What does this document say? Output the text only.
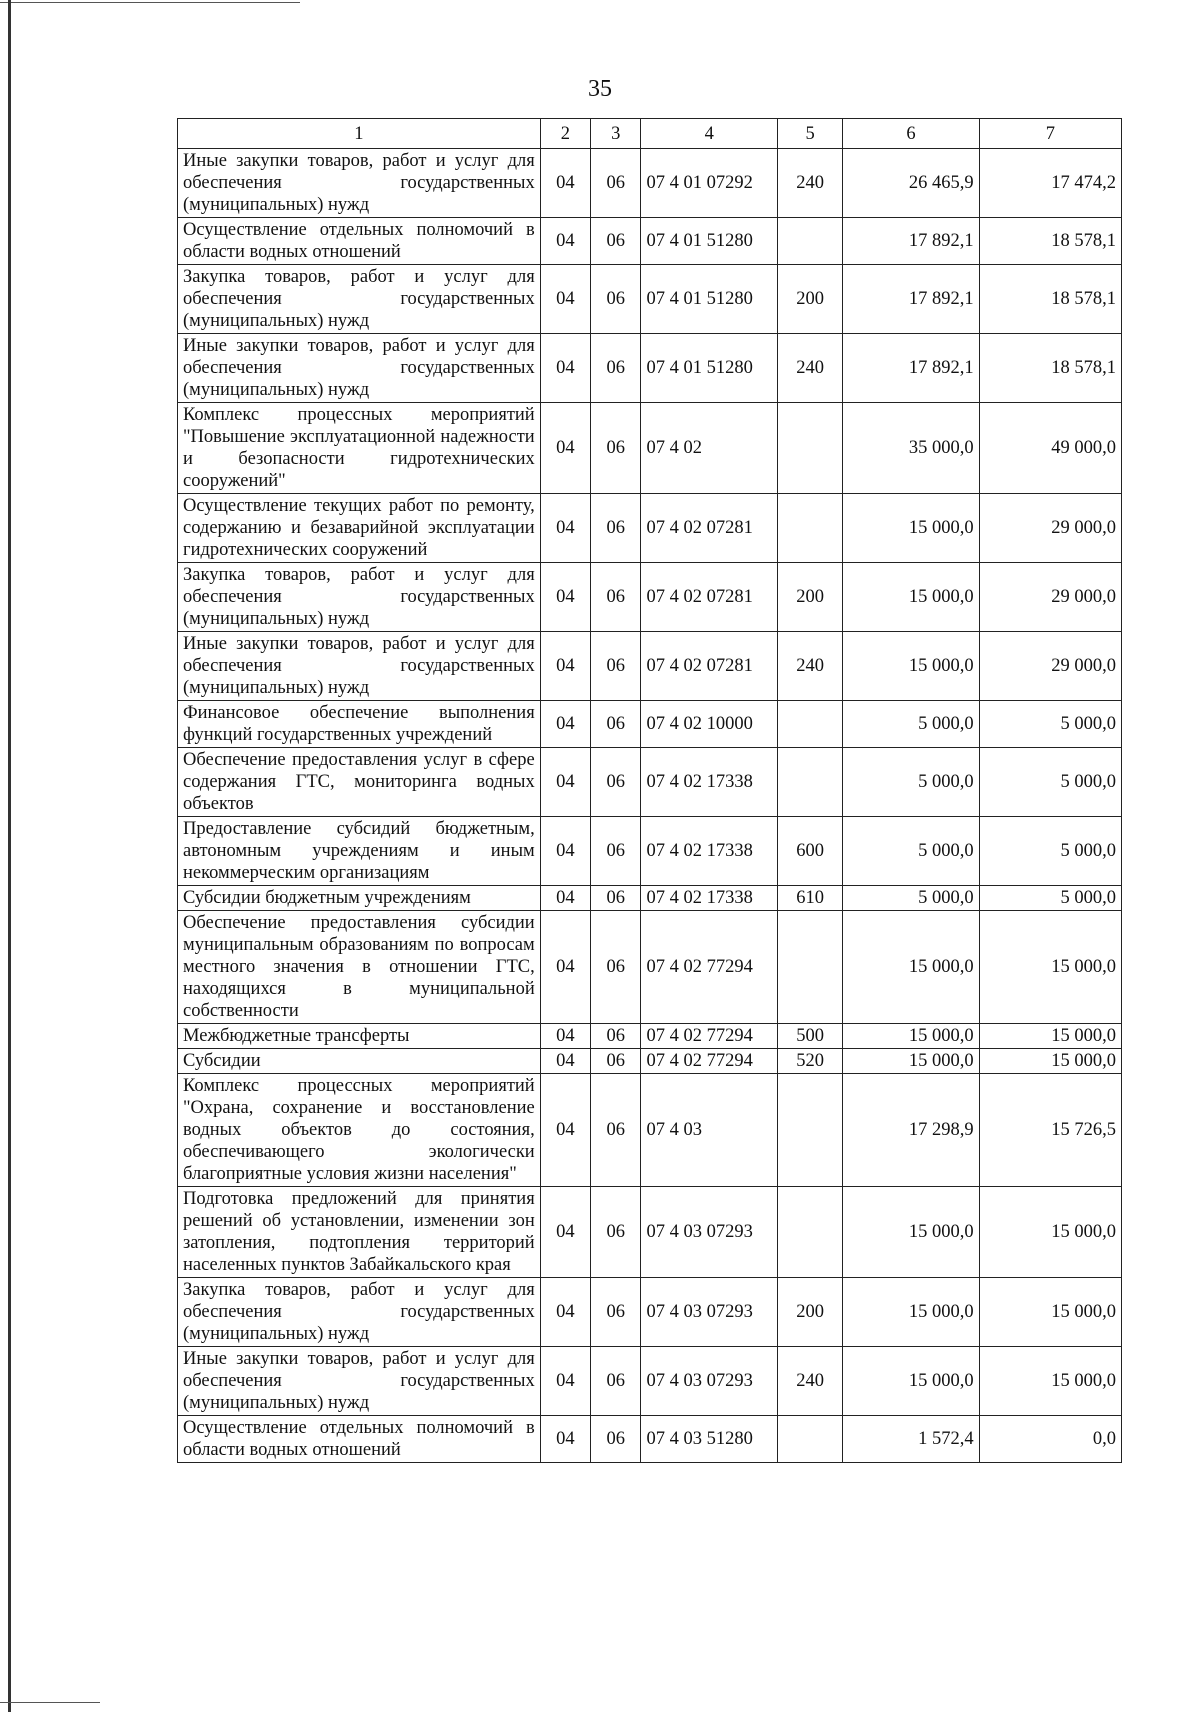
35
1	2	3	4	5	6	7
Иные закупки товаров, работ и услуг для обеспечения государственных (муниципальных) нужд	04	06	07 4 01 07292	240	26 465,9	17 474,2
Осуществление отдельных полномочий в области водных отношений	04	06	07 4 01 51280		17 892,1	18 578,1
Закупка товаров, работ и услуг для обеспечения государственных (муниципальных) нужд	04	06	07 4 01 51280	200	17 892,1	18 578,1
Иные закупки товаров, работ и услуг для обеспечения государственных (муниципальных) нужд	04	06	07 4 01 51280	240	17 892,1	18 578,1
Комплекс процессных мероприятий "Повышение эксплуатационной надежности и безопасности гидротехнических сооружений"	04	06	07 4 02		35 000,0	49 000,0
Осуществление текущих работ по ремонту, содержанию и безаварийной эксплуатации гидротехнических сооружений	04	06	07 4 02 07281		15 000,0	29 000,0
Закупка товаров, работ и услуг для обеспечения государственных (муниципальных) нужд	04	06	07 4 02 07281	200	15 000,0	29 000,0
Иные закупки товаров, работ и услуг для обеспечения государственных (муниципальных) нужд	04	06	07 4 02 07281	240	15 000,0	29 000,0
Финансовое обеспечение выполнения функций государственных учреждений	04	06	07 4 02 10000		5 000,0	5 000,0
Обеспечение предоставления услуг в сфере содержания ГТС, мониторинга водных объектов	04	06	07 4 02 17338		5 000,0	5 000,0
Предоставление субсидий бюджетным, автономным учреждениям и иным некоммерческим организациям	04	06	07 4 02 17338	600	5 000,0	5 000,0
Субсидии бюджетным учреждениям	04	06	07 4 02 17338	610	5 000,0	5 000,0
Обеспечение предоставления субсидии муниципальным образованиям по вопросам местного значения в отношении ГТС, находящихся в муниципальной собственности	04	06	07 4 02 77294		15 000,0	15 000,0
Межбюджетные трансферты	04	06	07 4 02 77294	500	15 000,0	15 000,0
Субсидии	04	06	07 4 02 77294	520	15 000,0	15 000,0
Комплекс процессных мероприятий "Охрана, сохранение и восстановление водных объектов до состояния, обеспечивающего экологически благоприятные условия жизни населения"	04	06	07 4 03		17 298,9	15 726,5
Подготовка предложений для принятия решений об установлении, изменении зон затопления, подтопления территорий населенных пунктов Забайкальского края	04	06	07 4 03 07293		15 000,0	15 000,0
Закупка товаров, работ и услуг для обеспечения государственных (муниципальных) нужд	04	06	07 4 03 07293	200	15 000,0	15 000,0
Иные закупки товаров, работ и услуг для обеспечения государственных (муниципальных) нужд	04	06	07 4 03 07293	240	15 000,0	15 000,0
Осуществление отдельных полномочий в области водных отношений	04	06	07 4 03 51280		1 572,4	0,0
